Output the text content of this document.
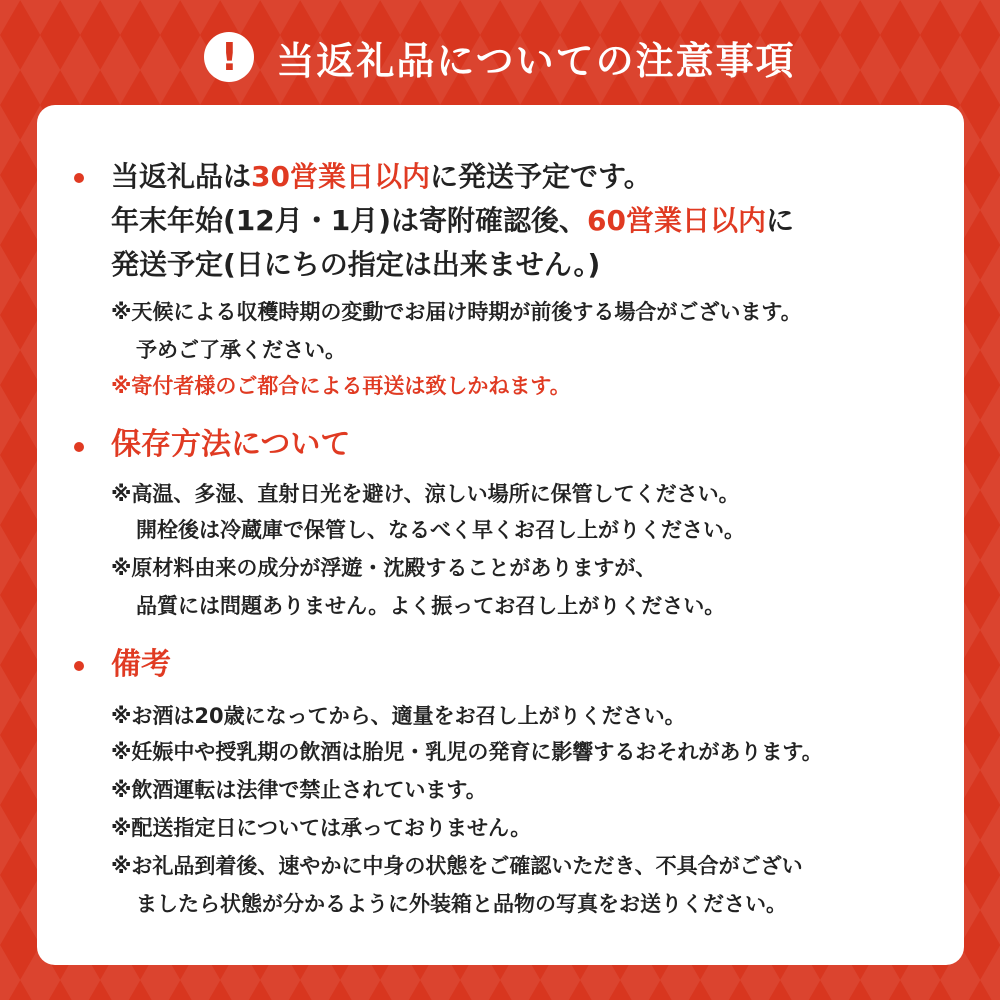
!	当返礼品についての注意事項
当返礼品は30営業日以内に発送予定です。
年末年始(12月・1月)は寄附確認後、60営業日以内に
発送予定(日にちの指定は出来ません。)
※天候による収穫時期の変動でお届け時期が前後する場合がございます。
予めご了承ください。
※寄付者様のご都合による再送は致しかねます。
保存方法について
※高温、多湿、直射日光を避け、涼しい場所に保管してください。
開栓後は冷蔵庫で保管し、なるべく早くお召し上がりください。
※原材料由来の成分が浮遊・沈殿することがありますが、
品質には問題ありません。よく振ってお召し上がりください。
備考
※お酒は20歳になってから、適量をお召し上がりください。
※妊娠中や授乳期の飲酒は胎児・乳児の発育に影響するおそれがあります。
※飲酒運転は法律で禁止されています。
※配送指定日については承っておりません。
※お礼品到着後、速やかに中身の状態をご確認いただき、不具合がござい
ましたら状態が分かるように外装箱と品物の写真をお送りください。
